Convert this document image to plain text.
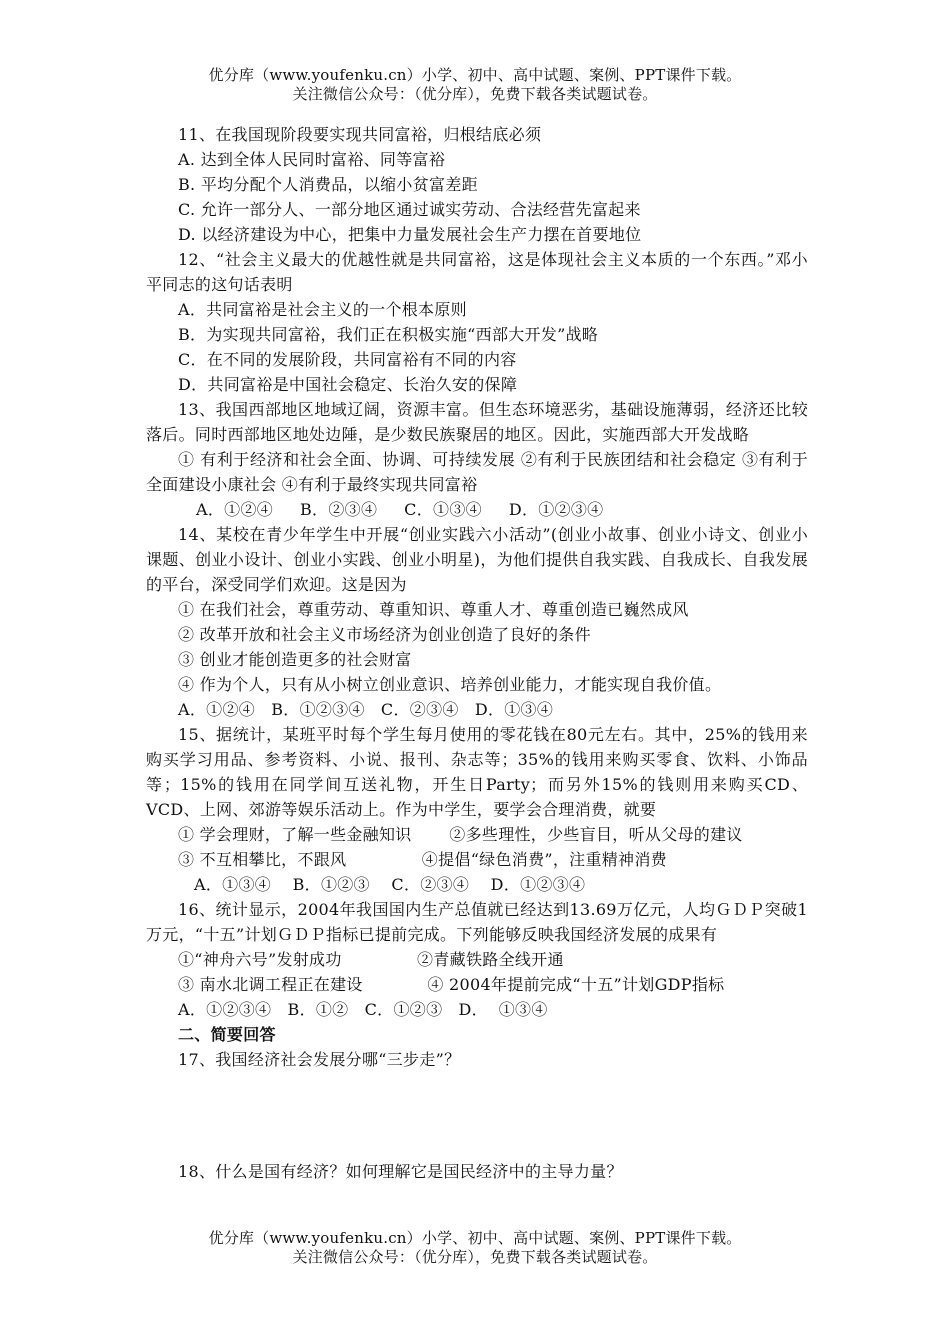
优分库（www.youfenku.cn）小学、初中、高中试题、案例、PPT课件下载。
关注微信公众号：（优分库），免费下载各类试题试卷。

11、在我国现阶段要实现共同富裕，归根结底必须

A. 达到全体人民同时富裕、同等富裕

B. 平均分配个人消费品，以缩小贫富差距

C. 允许一部分人、一部分地区通过诚实劳动、合法经营先富起来

D. 以经济建设为中心，把集中力量发展社会生产力摆在首要地位

12、“社会主义最大的优越性就是共同富裕，这是体现社会主义本质的一个东西。”邓小平同志的这句话表明

A．共同富裕是社会主义的一个根本原则

B．为实现共同富裕，我们正在积极实施“西部大开发”战略

C．在不同的发展阶段，共同富裕有不同的内容

D．共同富裕是中国社会稳定、长治久安的保障

13、我国西部地区地域辽阔，资源丰富。但生态环境恶劣，基础设施薄弱，经济还比较落后。同时西部地区地处边陲，是少数民族聚居的地区。因此，实施西部大开发战略

① 有利于经济和社会全面、协调、可持续发展 ②有利于民族团结和社会稳定 ③有利于全面建设小康社会 ④有利于最终实现共同富裕

A．①②④     B．②③④     C．①③④     D．①②③④

14、某校在青少年学生中开展“创业实践六小活动”(创业小故事、创业小诗文、创业小课题、创业小设计、创业小实践、创业小明星)，为他们提供自我实践、自我成长、自我发展的平台，深受同学们欢迎。这是因为

① 在我们社会，尊重劳动、尊重知识、尊重人才、尊重创造已巍然成风

② 改革开放和社会主义市场经济为创业创造了良好的条件

③ 创业才能创造更多的社会财富

④ 作为个人，只有从小树立创业意识、培养创业能力，才能实现自我价值。

A．①②④   B．①②③④   C．②③④   D．①③④

15、据统计，某班平时每个学生每月使用的零花钱在80元左右。其中，25%的钱用来购买学习用品、参考资料、小说、报刊、杂志等；35%的钱用来购买零食、饮料、小饰品等；15%的钱用在同学间互送礼物，开生日Party；而另外15%的钱则用来购买CD、VCD、上网、郊游等娱乐活动上。作为中学生，要学会合理消费，就要

① 学会理财，了解一些金融知识       ②多些理性，少些盲目，听从父母的建议

③ 不互相攀比，不跟风              ④提倡“绿色消费”，注重精神消费

A．①③④    B．①②③    C．②③④    D．①②③④

16、统计显示，2004年我国国内生产总值就已经达到13.69万亿元，人均ＧＤＰ突破1万元，“十五”计划ＧＤＰ指标已提前完成。下列能够反映我国经济发展的成果有

①“神舟六号”发射成功              ②青藏铁路全线开通

③ 南水北调工程正在建设            ④ 2004年提前完成“十五”计划GDP指标

A．①②③④   B．①②   C．①②③   D．  ①③④

二、简要回答

17、我国经济社会发展分哪“三步走”？

18、什么是国有经济？如何理解它是国民经济中的主导力量？

优分库（www.youfenku.cn）小学、初中、高中试题、案例、PPT课件下载。
关注微信公众号：（优分库），免费下载各类试题试卷。
